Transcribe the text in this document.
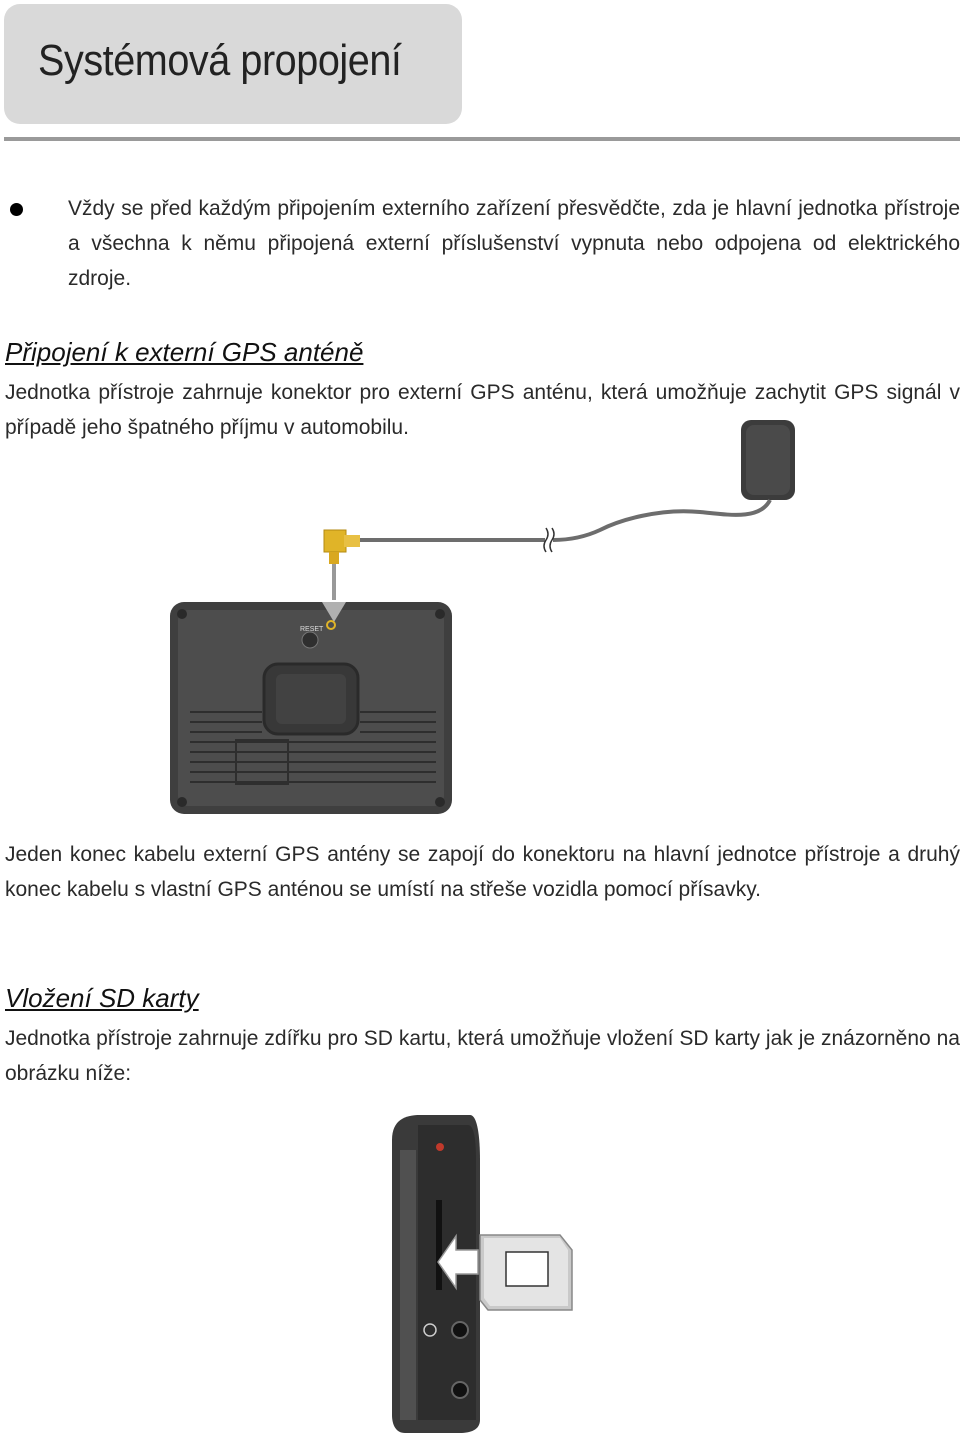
Systémová propojení
Vždy se před každým připojením externího zařízení přesvědčte, zda je hlavní jednotka přístroje a všechna k němu připojená externí příslušenství vypnuta nebo odpojena od elektrického zdroje.
Připojení k externí GPS anténě
Jednotka přístroje zahrnuje konektor pro externí GPS anténu, která umožňuje zachytit GPS signál v případě jeho špatného příjmu v automobilu.
RESET
Jeden konec kabelu externí GPS antény se zapojí do konektoru na hlavní jednotce přístroje a druhý konec kabelu s vlastní GPS anténou se umístí na střeše vozidla pomocí přísavky.
Vložení SD karty
Jednotka přístroje zahrnuje zdířku pro SD kartu, která umožňuje vložení SD karty jak je znázorněno na obrázku níže:
